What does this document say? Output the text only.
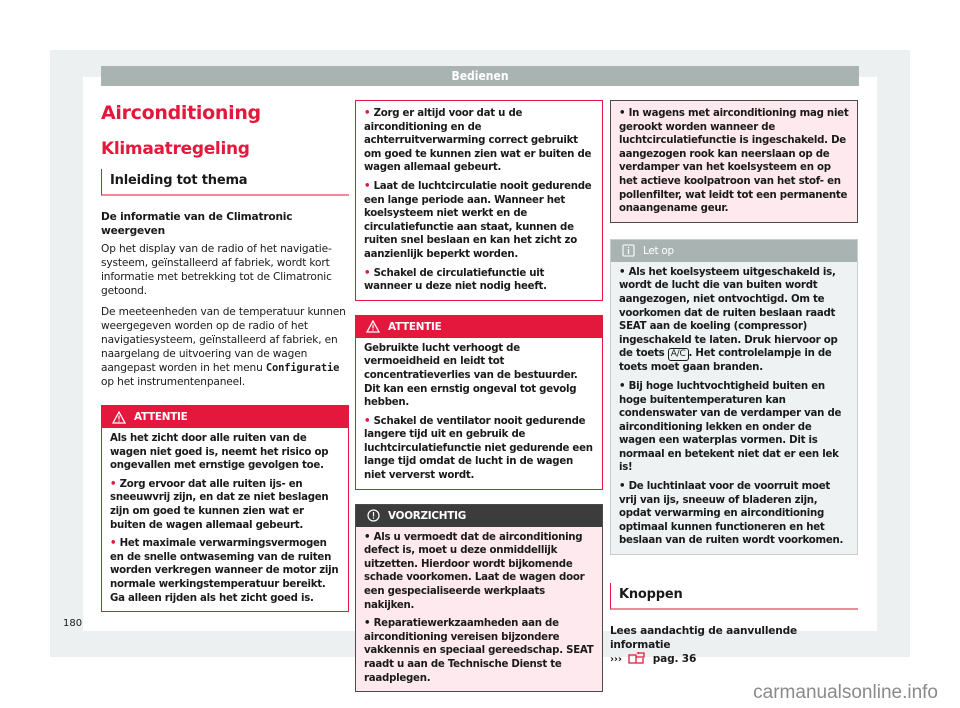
Bedienen
Airconditioning
Klimaatregeling
Inleiding tot thema
De informatie van de Climatronic weergeven
Op het display van de radio of het navigatie-systeem, geïnstalleerd af fabriek, wordt kort informatie met betrekking tot de Climatronic getoond.
De meeteenheden van de temperatuur kunnen weergegeven worden op de radio of het navigatiesysteem, geïnstalleerd af fabriek, en naargelang de uitvoering van de wagen aangepast worden in het menu Configuratie op het instrumentenpaneel.
ATTENTIE
Als het zicht door alle ruiten van de wagen niet goed is, neemt het risico op ongevallen met ernstige gevolgen toe.
• Zorg ervoor dat alle ruiten ijs- en sneeuwvrij zijn, en dat ze niet beslagen zijn om goed te kunnen zien wat er buiten de wagen allemaal gebeurt.
• Het maximale verwarmingsvermogen en de snelle ontwaseming van de ruiten worden verkregen wanneer de motor zijn normale werkingstemperatuur bereikt. Ga alleen rijden als het zicht goed is.
• Zorg er altijd voor dat u de airconditioning en de achterruitverwarming correct gebruikt om goed te kunnen zien wat er buiten de wagen allemaal gebeurt.
• Laat de luchtcirculatie nooit gedurende een lange periode aan. Wanneer het koelsysteem niet werkt en de circulatiefunctie aan staat, kunnen de ruiten snel beslaan en kan het zicht zo aanzienlijk beperkt worden.
• Schakel de circulatiefunctie uit wanneer u deze niet nodig heeft.
ATTENTIE
Gebruikte lucht verhoogt de vermoeidheid en leidt tot concentratieverlies van de bestuurder. Dit kan een ernstig ongeval tot gevolg hebben.
• Schakel de ventilator nooit gedurende langere tijd uit en gebruik de luchtcirculatiefunctie niet gedurende een lange tijd omdat de lucht in de wagen niet ververst wordt.
VOORZICHTIG
• Als u vermoedt dat de airconditioning defect is, moet u deze onmiddellijk uitzetten. Hierdoor wordt bijkomende schade voorkomen. Laat de wagen door een gespecialiseerde werkplaats nakijken.
• Reparatiewerkzaamheden aan de airconditioning vereisen bijzondere vakkennis en speciaal gereedschap. SEAT raadt u aan de Technische Dienst te raadplegen.
• In wagens met airconditioning mag niet gerookt worden wanneer de luchtcirculatiefunctie is ingeschakeld. De aangezogen rook kan neerslaan op de verdamper van het koelsysteem en op het actieve koolpatroon van het stof- en pollenfilter, wat leidt tot een permanente onaangename geur.
Let op
• Als het koelsysteem uitgeschakeld is, wordt de lucht die van buiten wordt aangezogen, niet ontvochtigd. Om te voorkomen dat de ruiten beslaan raadt SEAT aan de koeling (compressor) ingeschakeld te laten. Druk hiervoor op de toets A/C . Het controlelampje in de toets moet gaan branden.
• Bij hoge luchtvochtigheid buiten en hoge buitentemperaturen kan condenswater van de verdamper van de airconditioning lekken en onder de wagen een waterplas vormen. Dit is normaal en betekent niet dat er een lek is!
• De luchtinlaat voor de voorruit moet vrij van ijs, sneeuw of bladeren zijn, opdat verwarming en airconditioning optimaal kunnen functioneren en het beslaan van de ruiten wordt voorkomen.
Knoppen
Lees aandachtig de aanvullende informatie
›››	pag. 36
180
carmanualsonline.info
